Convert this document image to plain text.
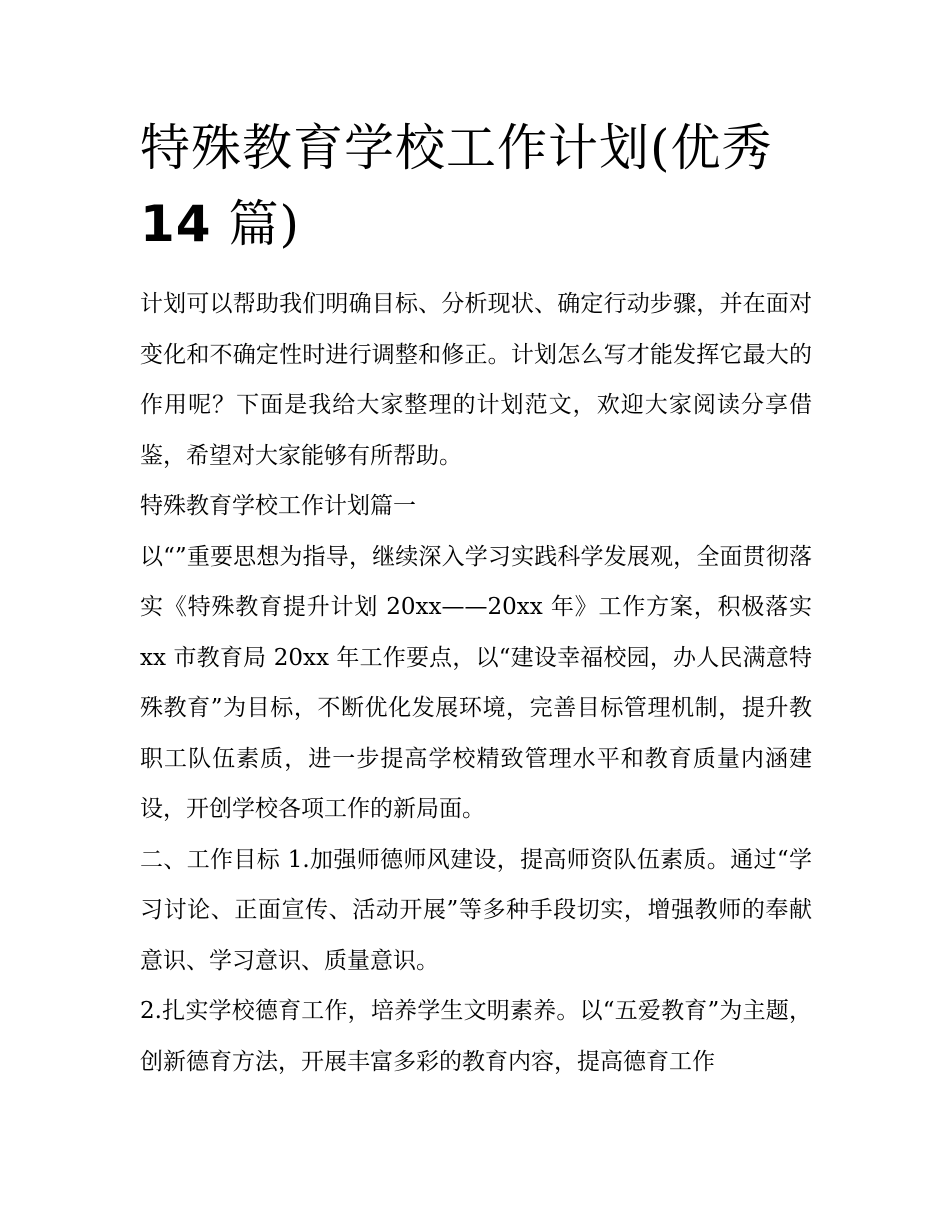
特殊教育学校工作计划(优秀
14 篇)

计划可以帮助我们明确目标、分析现状、确定行动步骤，并在面对变化和不确定性时进行调整和修正。计划怎么写才能发挥它最大的作用呢？下面是我给大家整理的计划范文，欢迎大家阅读分享借鉴，希望对大家能够有所帮助。

特殊教育学校工作计划篇一

以“”重要思想为指导，继续深入学习实践科学发展观，全面贯彻落实《特殊教育提升计划 20xx——20xx 年》工作方案，积极落实 xx 市教育局 20xx 年工作要点，以“建设幸福校园，办人民满意特殊教育”为目标，不断优化发展环境，完善目标管理机制，提升教职工队伍素质，进一步提高学校精致管理水平和教育质量内涵建设，开创学校各项工作的新局面。

二、工作目标 1.加强师德师风建设，提高师资队伍素质。通过“学习讨论、正面宣传、活动开展”等多种手段切实，增强教师的奉献意识、学习意识、质量意识。

2.扎实学校德育工作，培养学生文明素养。以“五爱教育”为主题，创新德育方法，开展丰富多彩的教育内容，提高德育工作
